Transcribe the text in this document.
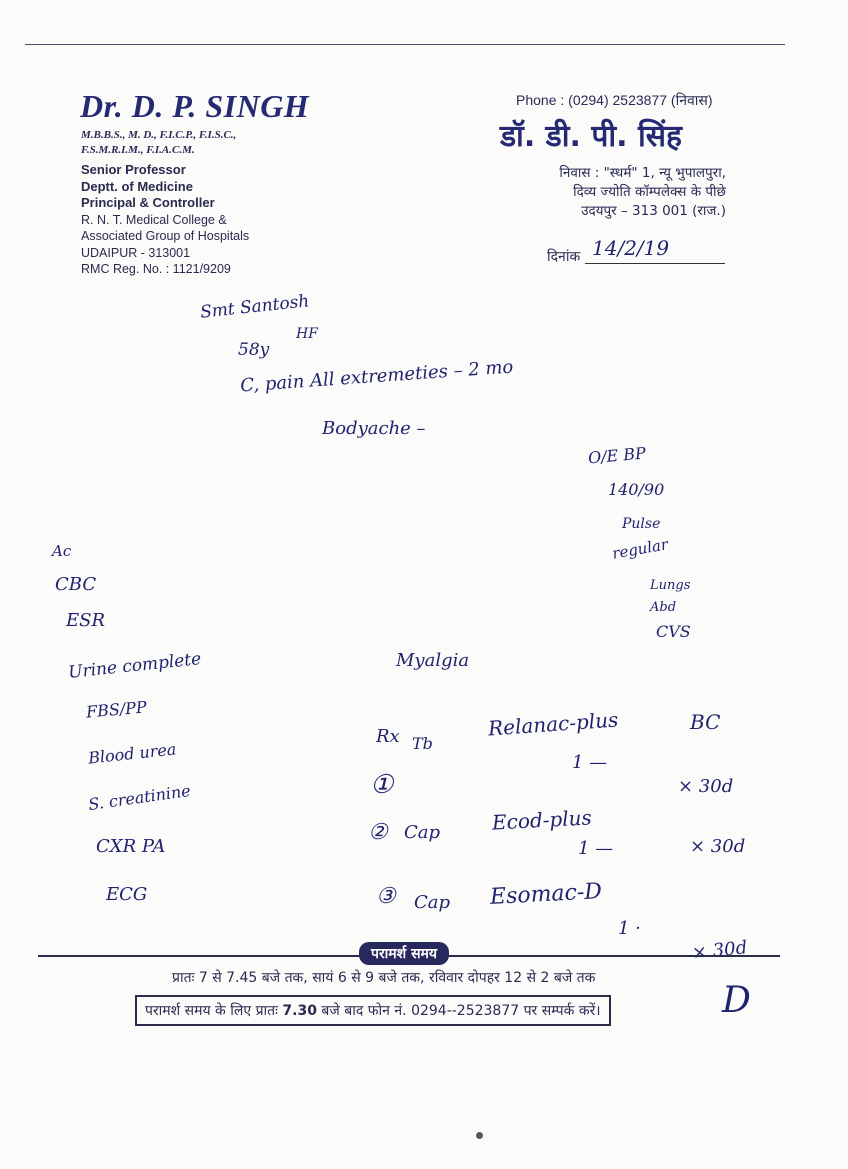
Dr. D. P. SINGH
M.B.B.S., M. D., F.I.C.P., F.I.S.C.,
F.S.M.R.I.M., F.I.A.C.M.
Senior Professor
Deptt. of Medicine
Principal & Controller
R. N. T. Medical College &
Associated Group of Hospitals
UDAIPUR - 313001
RMC Reg. No. : 1121/9209
Phone : (0294) 2523877 (निवास)
डॉ. डी. पी. सिंह
निवास : "स्धर्म" 1, न्यू भुपालपुरा,
दिव्य ज्योति कॉम्पलेक्स के पीछे
उदयपुर – 313 001 (राज.)
दिनांक 14/2/19
Smt Santosh
58y
HF
C, pain All extremeties – 2 mo
Bodyache –
O/E BP
140/90
Pulse
regular
Lungs
Abd
CVS
Ac
CBC
ESR
Urine complete
FBS/PP
Blood urea
S. creatinine
CXR PA
ECG
Myalgia
Rx Tb
Relanac-plus	BC
①
1 —
× 30d
② Cap	Ecod-plus
1 —	× 30d
③ Cap Esomac-D
1 ·
× 30d
D
परामर्श समय
प्रातः 7 से 7.45 बजे तक, सायं 6 से 9 बजे तक, रविवार दोपहर 12 से 2 बजे तक
परामर्श समय के लिए प्रातः 7.30 बजे बाद फोन नं. 0294--2523877 पर सम्पर्क करें।
